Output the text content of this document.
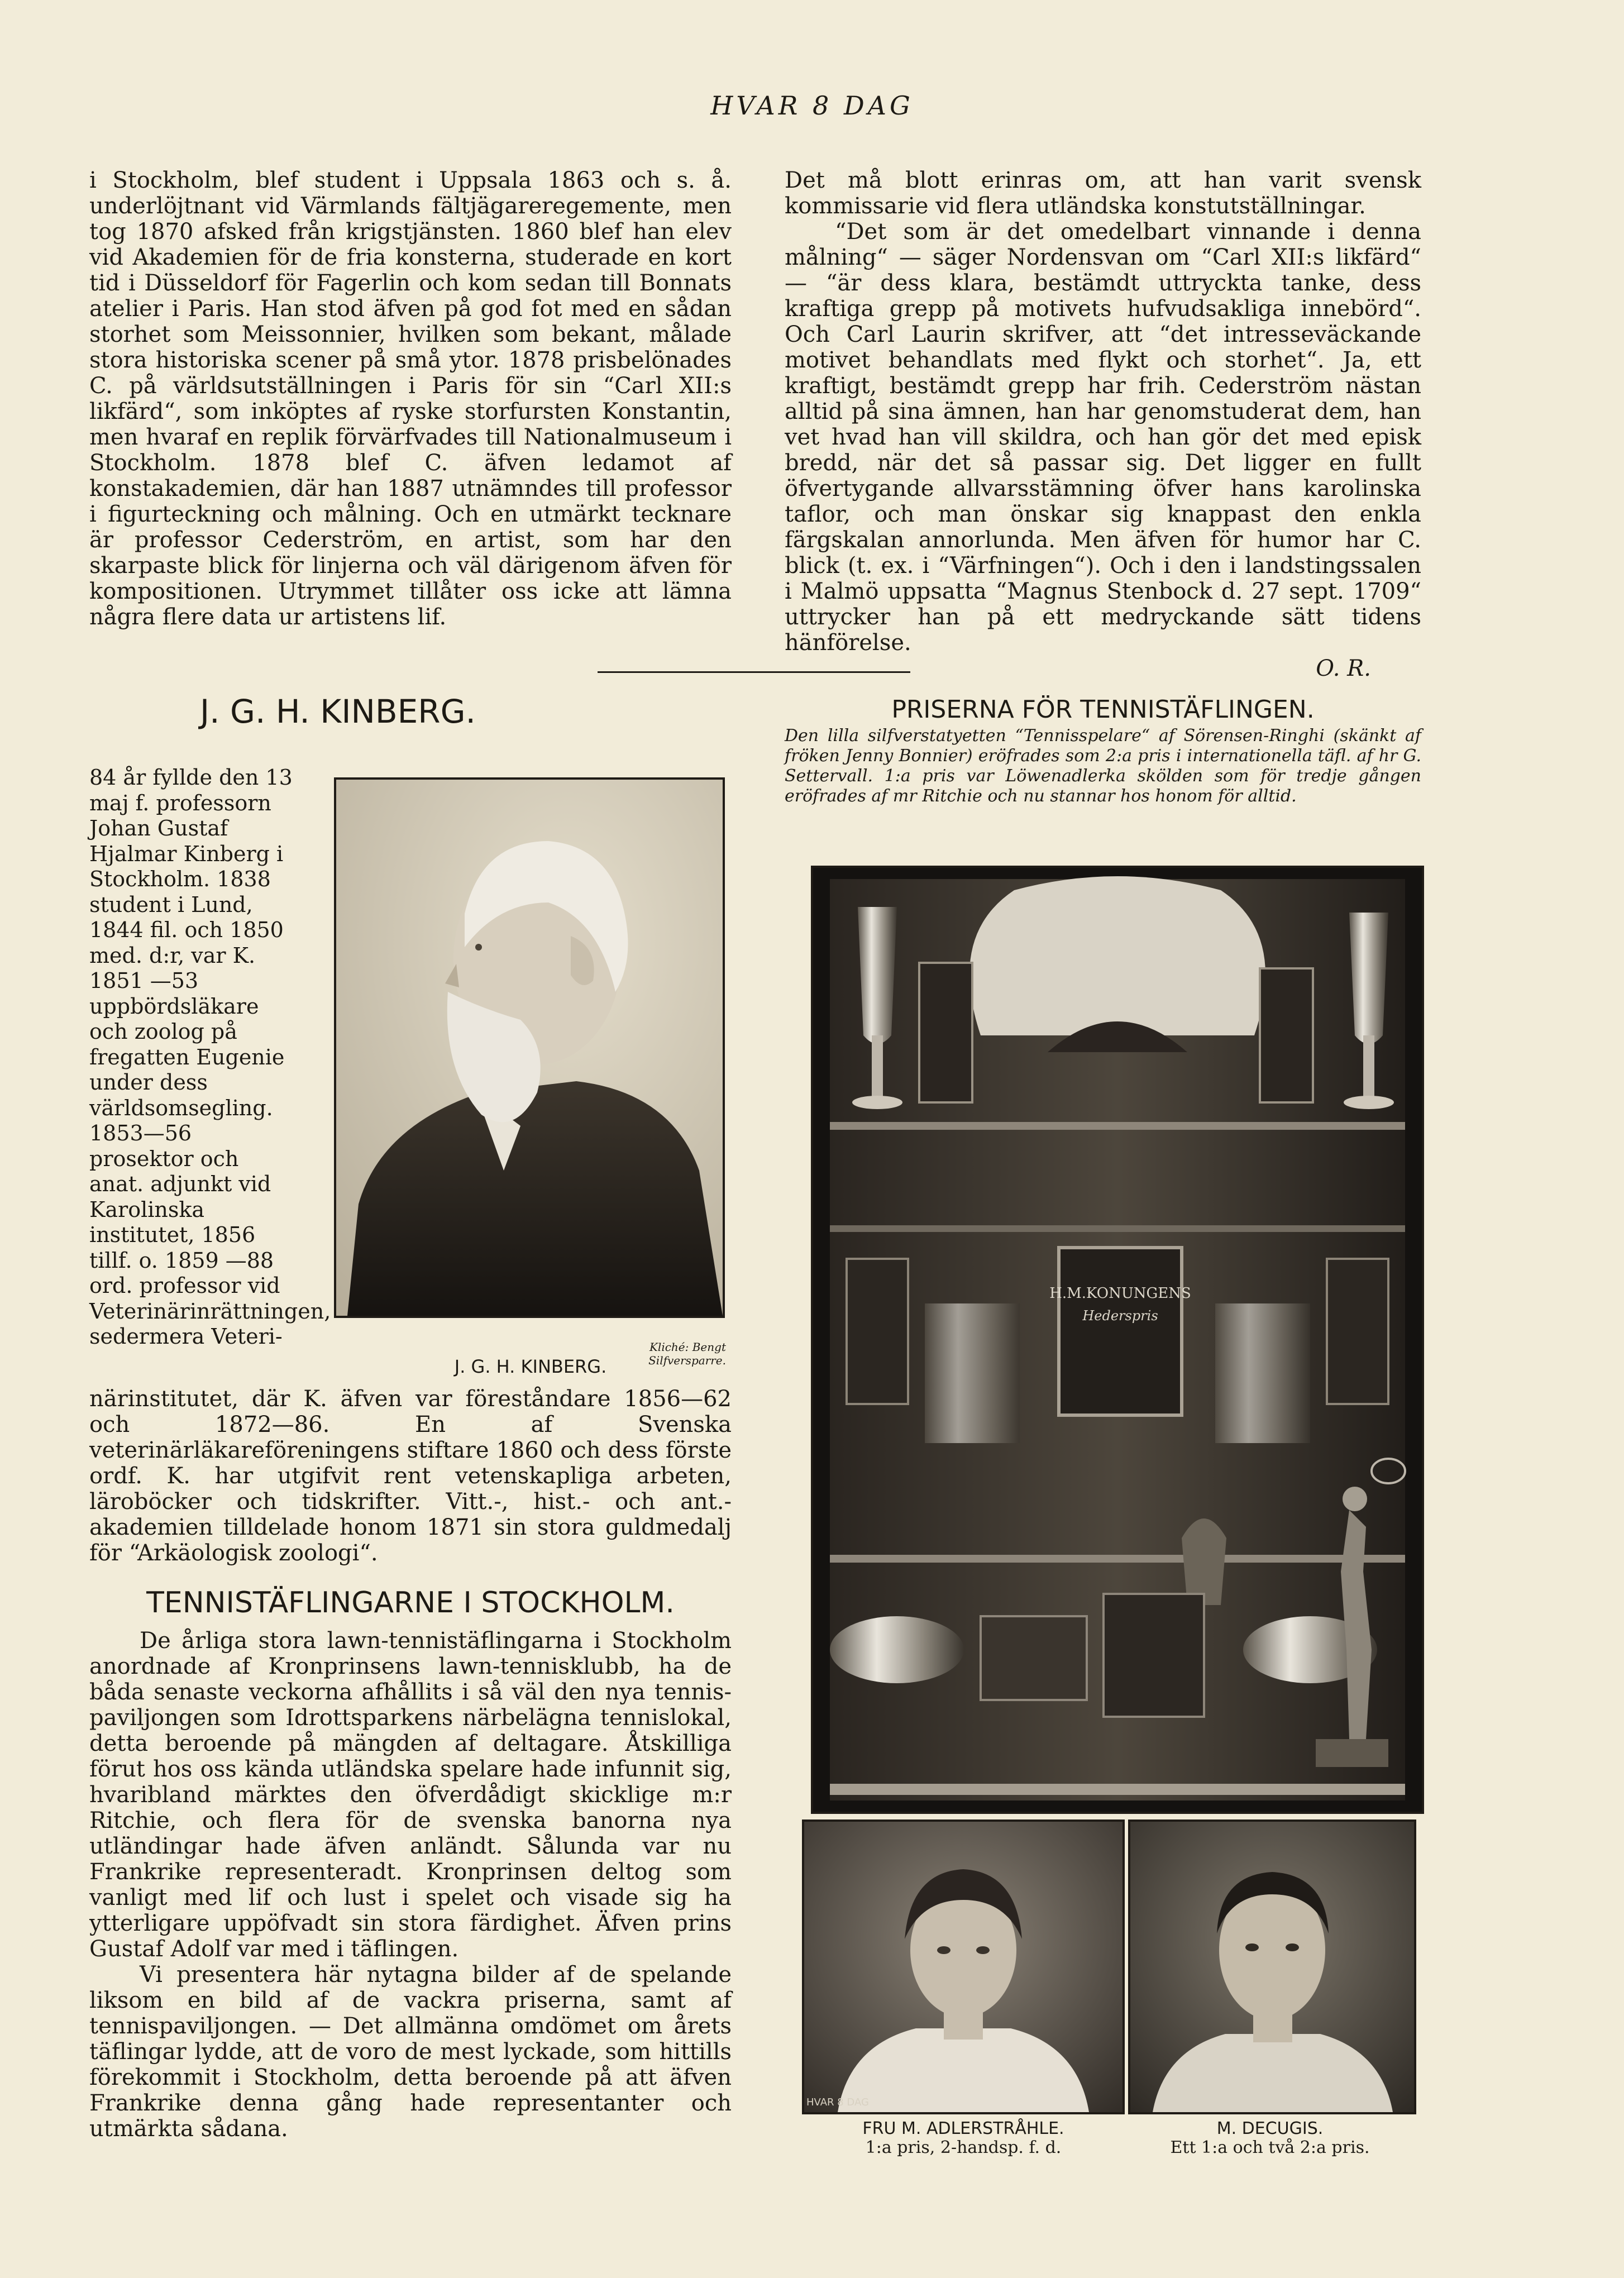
HVAR 8 DAG

i Stockholm, blef student i Uppsala 1863 och s. å. underlöjtnant vid Värmlands fältjägareregemente, men tog 1870 afsked från krigstjänsten. 1860 blef han elev vid Akademien för de fria konsterna, studerade en kort tid i Düsseldorf för Fagerlin och kom sedan till Bonnats atelier i Paris. Han stod äfven på god fot med en sådan storhet som Meissonnier, hvilken som bekant, målade stora historiska scener på små ytor. 1878 prisbelönades C. på världsutställningen i Paris för sin “Carl XII:s likfärd“, som inköptes af ryske storfursten Konstantin, men hvaraf en replik förvärfvades till Nationalmuseum i Stockholm. 1878 blef C. äfven ledamot af konstakademien, där han 1887 utnämndes till professor i figurteckning och målning. Och en utmärkt tecknare är professor Cederström, en artist, som har den skarpaste blick för linjerna och väl därigenom äfven för kompositionen. Utrymmet tillåter oss icke att lämna några flere data ur artistens lif.

Det må blott erinras om, att han varit svensk kommissarie vid flera utländska konstutställningar.

“Det som är det omedelbart vinnande i denna målning“ — säger Nordensvan om “Carl XII:s likfärd“ — “är dess klara, bestämdt uttryckta tanke, dess kraftiga grepp på motivets hufvudsakliga innebörd“. Och Carl Laurin skrifver, att “det intresseväckande motivet behandlats med flykt och storhet“. Ja, ett kraftigt, bestämdt grepp har frih. Cederström nästan alltid på sina ämnen, han har genomstuderat dem, han vet hvad han vill skildra, och han gör det med episk bredd, när det så passar sig. Det ligger en fullt öfvertygande allvarsstämning öfver hans karolinska taflor, och man önskar sig knappast den enkla färgskalan annorlunda. Men äfven för humor har C. blick (t. ex. i “Värfningen“). Och i den i landstingssalen i Malmö uppsatta “Magnus Stenbock d. 27 sept. 1709“ uttrycker han på ett medryckande sätt tidens hänförelse.

O. R.
J. G. H. KINBERG.

84 år fyllde den 13 maj f. professorn Johan Gustaf Hjalmar Kinberg i Stockholm. 1838 student i Lund, 1844 fil. och 1850 med. d:r, var K. 1851 —53 uppbördsläkare och zoolog på fregatten Eugenie under dess världsomsegling. 1853—56 prosektor och anat. adjunkt vid Karolinska institutet, 1856 tillf. o. 1859 —88 ord. professor vid Veterinärinrättningen, sedermera Veteri-	Kliché: Bengt Silfversparre.
J. G. H. KINBERG.

närinstitutet, där K. äfven var föreståndare 1856—62 och 1872—86. En af Svenska veterinärläkareföreningens stiftare 1860 och dess förste ordf. K. har utgifvit rent vetenskapliga arbeten, läroböcker och tidskrifter. Vitt.-, hist.- och ant.-akademien tilldelade honom 1871 sin stora guldmedalj för “Arkäologisk zoologi“.

TENNISTÄFLINGARNE I STOCKHOLM.

De årliga stora lawn-tennistäflingarna i Stockholm anordnade af Kronprinsens lawn-tennisklubb, ha de båda senaste veckorna afhållits i så väl den nya tennis-paviljongen som Idrottsparkens närbelägna tennislokal, detta beroende på mängden af deltagare. Åtskilliga förut hos oss kända utländska spelare hade infunnit sig, hvaribland märktes den öfverdådigt skicklige m:r Ritchie, och flera för de svenska banorna nya utländingar hade äfven anländt. Sålunda var nu Frankrike representeradt. Kronprinsen deltog som vanligt med lif och lust i spelet och visade sig ha ytterligare uppöfvadt sin stora färdighet. Äfven prins Gustaf Adolf var med i täflingen.

Vi presentera här nytagna bilder af de spelande liksom en bild af de vackra priserna, samt af tennispaviljongen. — Det allmänna omdömet om årets täflingar lydde, att de voro de mest lyckade, som hittills förekommit i Stockholm, detta beroende på att äfven Frankrike denna gång hade representanter och utmärkta sådana.

PRISERNA FÖR TENNISTÄFLINGEN.
Den lilla silfverstatyetten “Tennisspelare“ af Sörensen-Ringhi (skänkt af fröken Jenny Bonnier) eröfrades som 2:a pris i internationella täfl. af hr G. Settervall. 1:a pris var Löwenadlerka skölden som för tredje gången eröfrades af mr Ritchie och nu stannar hos honom för alltid.
H.M.KONUNGENS
Hederspris
HVAR 8 DAG
FRU M. ADLERSTRÅHLE.
1:a pris, 2-handsp. f. d.
M. DECUGIS.
Ett 1:a och två 2:a pris.
